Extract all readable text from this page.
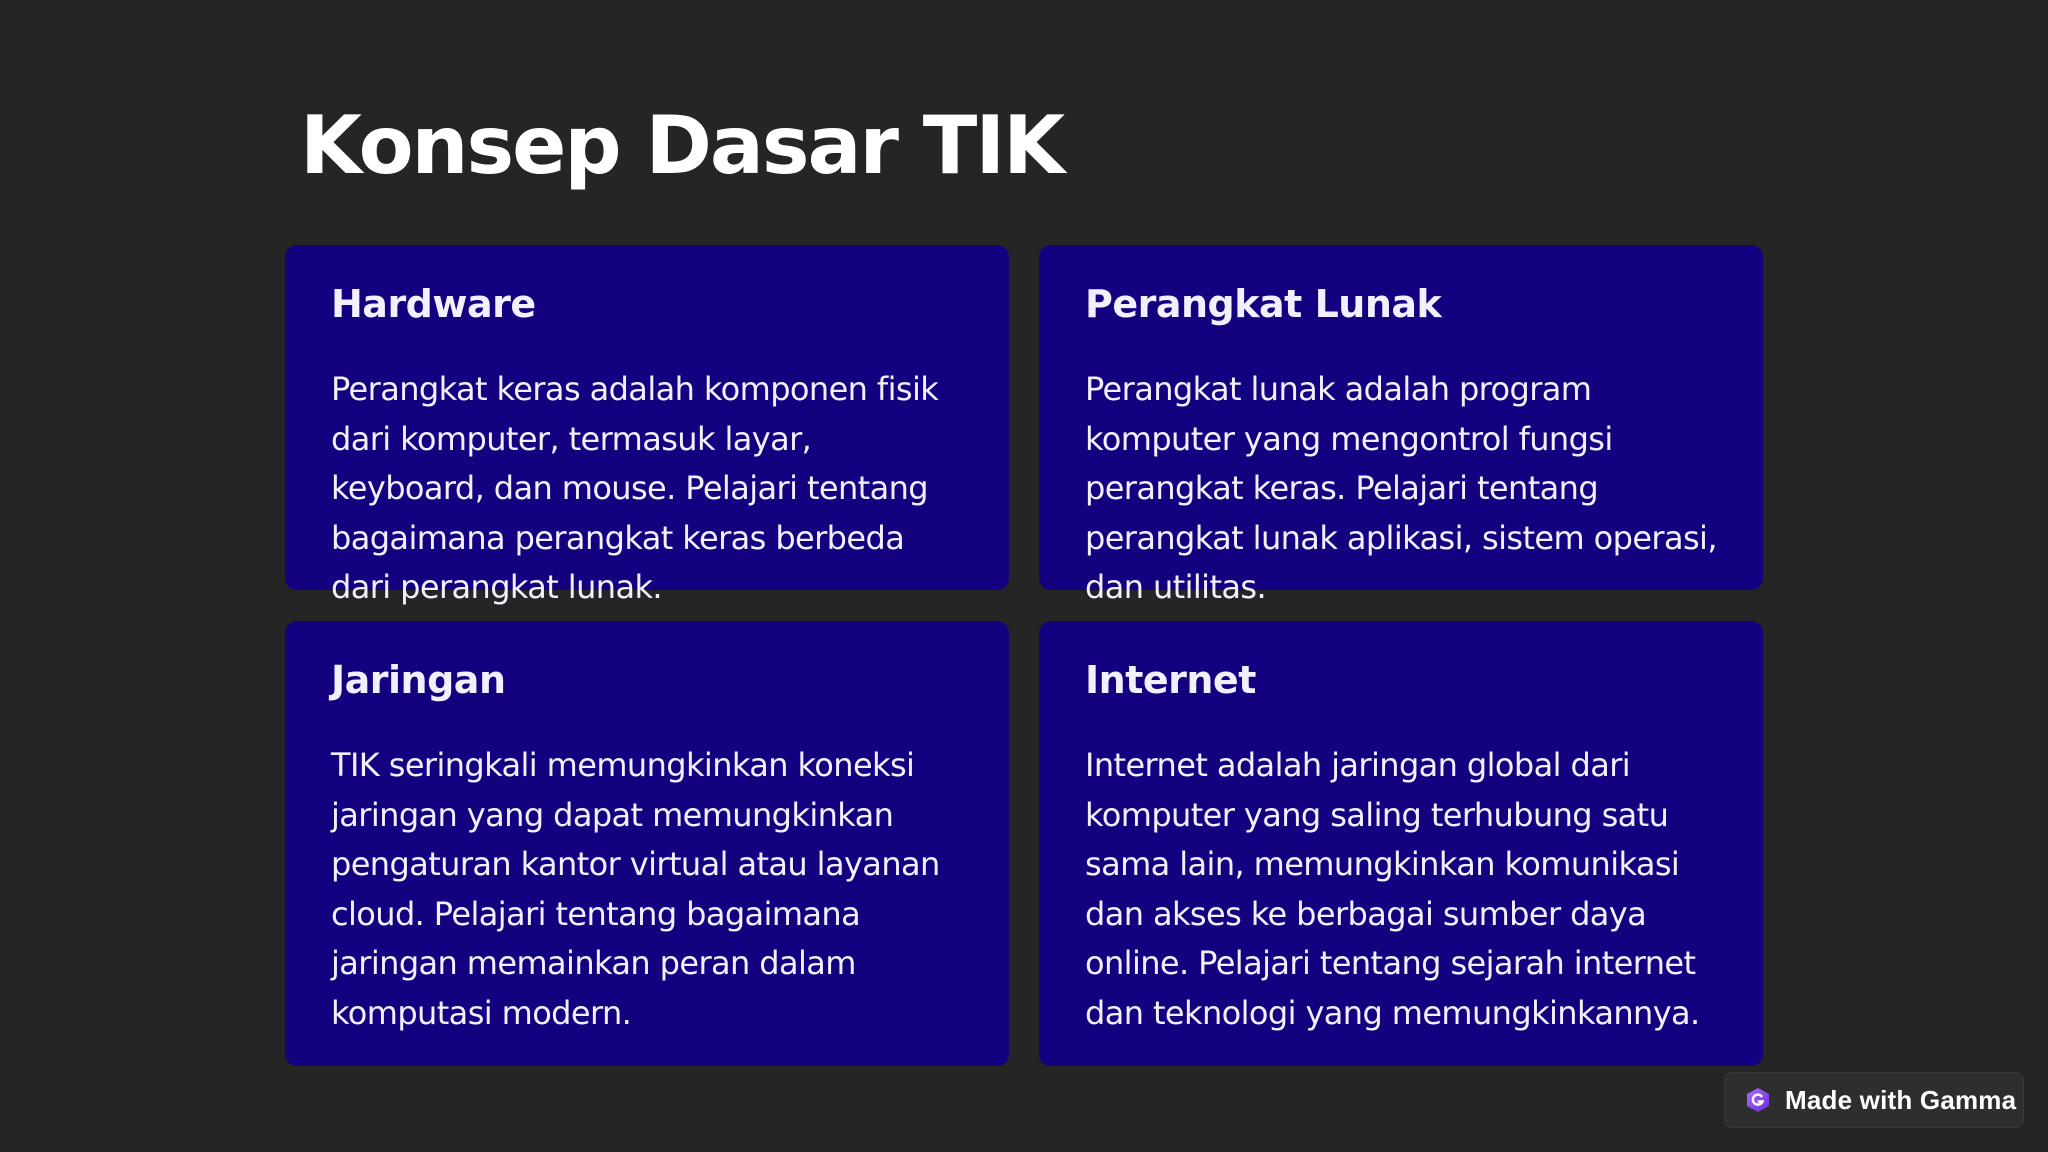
Konsep Dasar TIK
Hardware

Perangkat keras adalah komponen fisik dari komputer, termasuk layar, keyboard, dan mouse. Pelajari tentang bagaimana perangkat keras berbeda dari perangkat lunak.

Perangkat Lunak

Perangkat lunak adalah program komputer yang mengontrol fungsi perangkat keras. Pelajari tentang perangkat lunak aplikasi, sistem operasi, dan utilitas.

Jaringan

TIK seringkali memungkinkan koneksi jaringan yang dapat memungkinkan pengaturan kantor virtual atau layanan cloud. Pelajari tentang bagaimana jaringan memainkan peran dalam komputasi modern.

Internet

Internet adalah jaringan global dari komputer yang saling terhubung satu sama lain, memungkinkan komunikasi dan akses ke berbagai sumber daya online. Pelajari tentang sejarah internet dan teknologi yang memungkinkannya.

Made with Gamma
